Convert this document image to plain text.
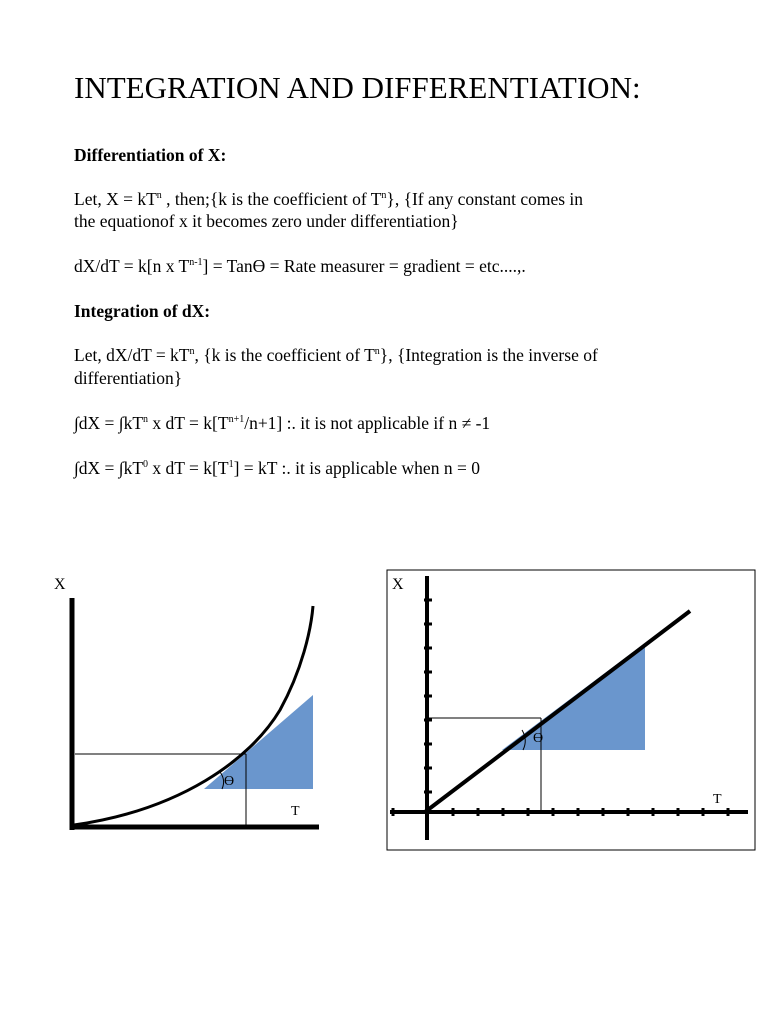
INTEGRATION AND DIFFERENTIATION:
Differentiation of X:
Let, $X = kT^n$ , then;{k is the coefficient of $T^n$}, {If any constant comes in
the equationof x it becomes zero under differentiation}
dX/dT = k[n x $T^{n-1}] = Tanϴ$ = Rate measurer = gradient = etc....,.
Integration of dX:
Let, $dX/dT = kT^n$, {k is the coefficient of $T^n$}, {Integration is the inverse of
differentiation}
$\int dX = \int kT^n$ x dT = $k[T^{n+1}/n+1]$ :. it is not applicable if n ≠ -1
$\int dX = \int kT^0$ x dT = $k[T^1]$ = kT :. it is applicable when n = 0
X
T
ϴ
X
T
ϴ
